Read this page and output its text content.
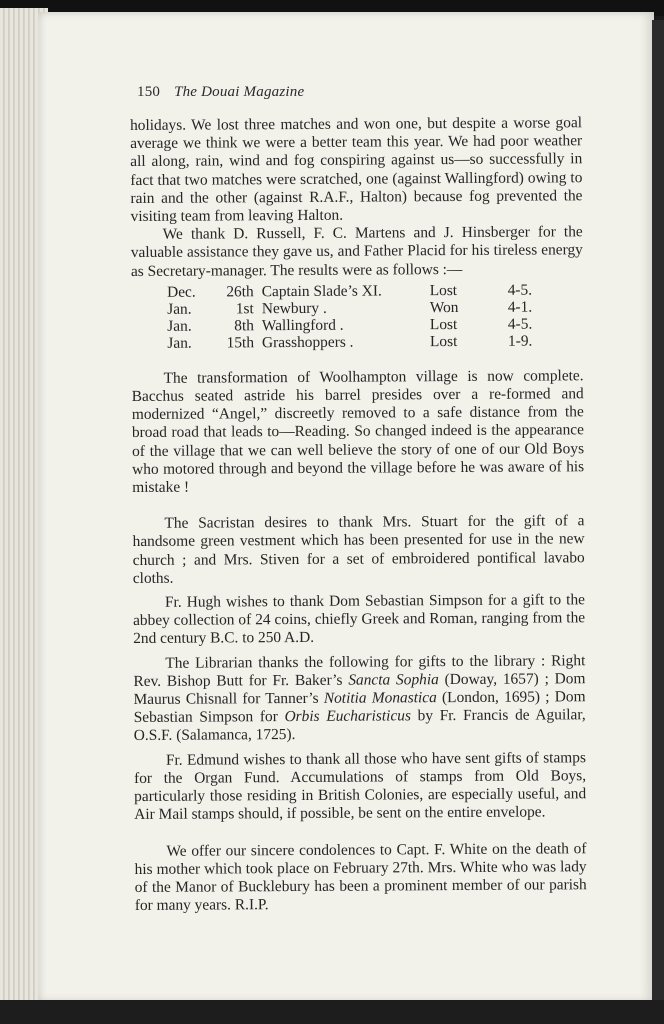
150 The Douai Magazine

holidays. We lost three matches and won one, but despite a worse goal average we think we were a better team this year. We had poor weather all along, rain, wind and fog conspiring against us—so successfully in fact that two matches were scratched, one (against Wallingford) owing to rain and the other (against R.A.F., Halton) because fog prevented the visiting team from leaving Halton.

We thank D. Russell, F. C. Martens and J. Hinsberger for the valuable assistance they gave us, and Father Placid for his tireless energy as Secretary-manager. The results were as follows :—

Dec.	26th	Captain Slade’s XI.	Lost	4-5.
Jan.	1st	Newbury .	Won	4-1.
Jan.	8th	Wallingford .	Lost	4-5.
Jan.	15th	Grasshoppers .	Lost	1-9.

The transformation of Woolhampton village is now complete. Bacchus seated astride his barrel presides over a re-formed and modernized “Angel,” discreetly removed to a safe distance from the broad road that leads to—Reading. So changed indeed is the appearance of the village that we can well believe the story of one of our Old Boys who motored through and beyond the village before he was aware of his mistake !

The Sacristan desires to thank Mrs. Stuart for the gift of a handsome green vestment which has been presented for use in the new church ; and Mrs. Stiven for a set of embroidered pontifical lavabo cloths.

Fr. Hugh wishes to thank Dom Sebastian Simpson for a gift to the abbey collection of 24 coins, chiefly Greek and Roman, ranging from the 2nd century B.C. to 250 A.D.

The Librarian thanks the following for gifts to the library : Right Rev. Bishop Butt for Fr. Baker’s Sancta Sophia (Doway, 1657) ; Dom Maurus Chisnall for Tanner’s Notitia Monastica (London, 1695) ; Dom Sebastian Simpson for Orbis Eucharisticus by Fr. Francis de Aguilar, O.S.F. (Salamanca, 1725).

Fr. Edmund wishes to thank all those who have sent gifts of stamps for the Organ Fund. Accumulations of stamps from Old Boys, particularly those residing in British Colonies, are especially useful, and Air Mail stamps should, if possible, be sent on the entire envelope.

We offer our sincere condolences to Capt. F. White on the death of his mother which took place on February 27th. Mrs. White who was lady of the Manor of Bucklebury has been a prominent member of our parish for many years. R.I.P.
